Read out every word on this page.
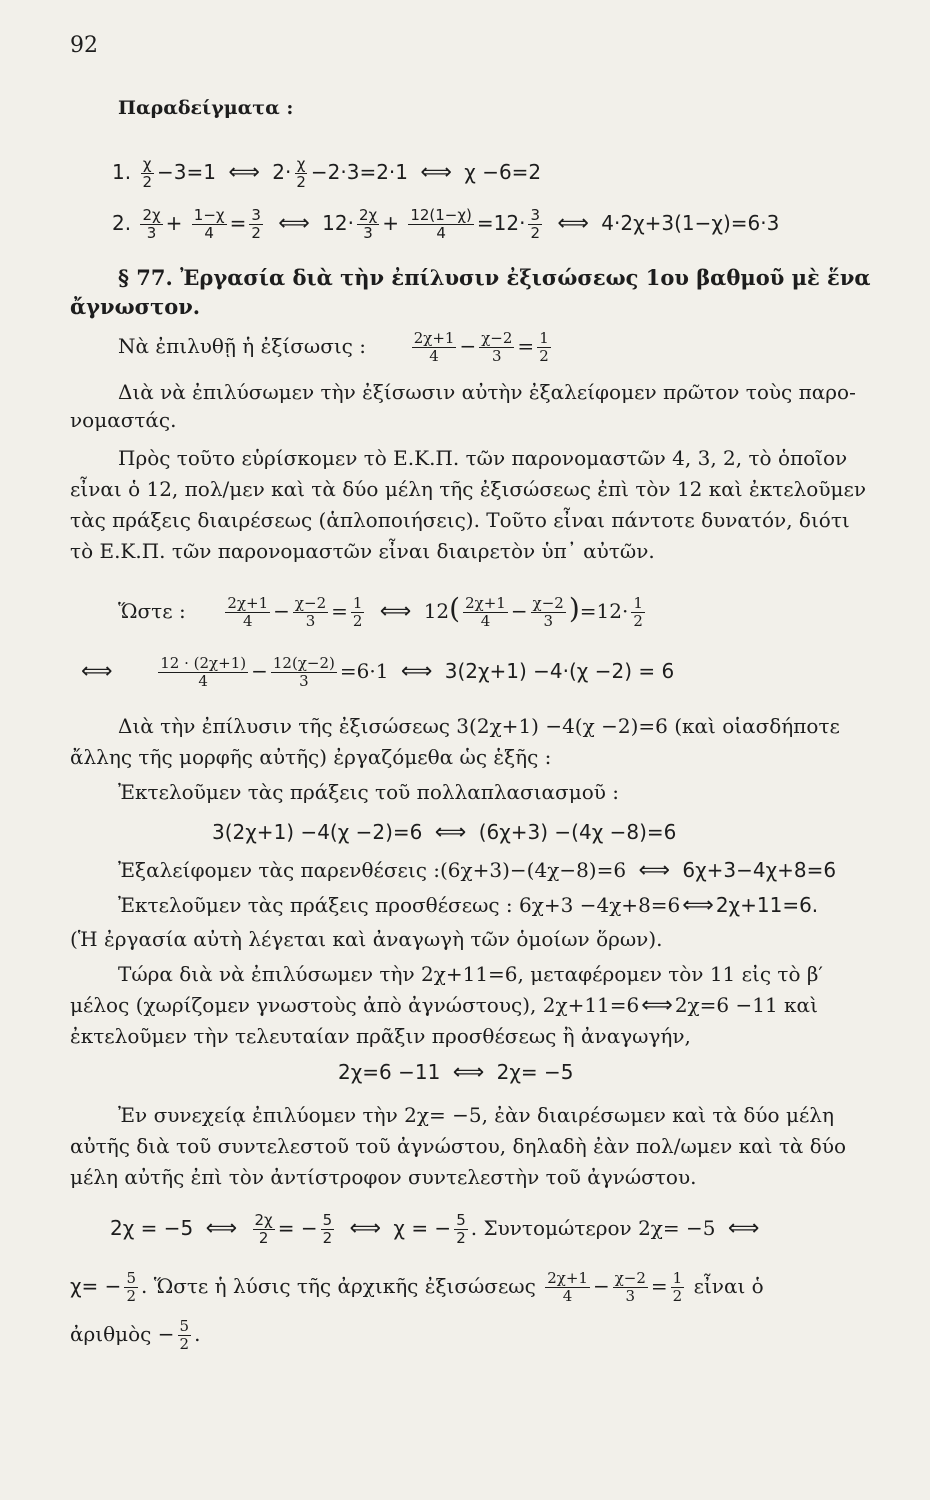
92
Παραδείγματα :
1. $\frac{\chi}{2} -3=1$ ⟺ $2\cdot \frac{\chi}{2} -2\cdot 3=2\cdot 1$ ⟺ χ −6=2
2. $\frac{2\chi}{3} + \frac{1-\chi}{4} = \frac{3}{2}$ ⟺ $12\cdot \frac{2\chi}{3} + \frac{12(1-\chi)}{4} =12\cdot \frac{3}{2}$ ⟺ 4·2χ+3(1−χ)=6·3
§ 77. Ἐργασία διὰ τὴν ἐπίλυσιν ἐξισώσεως 1ου βαθμοῦ μὲ ἕνα
ἄγνωστον.
Νὰ ἐπιλυθῇ ἡ ἐξίσωσις :	$\frac{2\chi+1}{4} - \frac{\chi-2}{3} = \frac{1}{2}$
Διὰ νὰ ἐπιλύσωμεν τὴν ἐξίσωσιν αὐτὴν ἐξαλείφομεν πρῶτον τοὺς παρο-
νομαστάς.
Πρὸς τοῦτο εὑρίσκομεν τὸ Ε.Κ.Π. τῶν παρονομαστῶν 4, 3, 2, τὸ ὁποῖον
εἶναι ὁ 12, πολ/μεν καὶ τὰ δύο μέλη τῆς ἐξισώσεως ἐπὶ τὸν 12 καὶ ἐκτελοῦμεν
τὰς πράξεις διαιρέσεως (ἁπλοποιήσεις). Τοῦτο εἶναι πάντοτε δυνατόν, διότι
τὸ Ε.Κ.Π. τῶν παρονομαστῶν εἶναι διαιρετὸν ὑπ᾿ αὐτῶν.
Ὥστε :	$\frac{2\chi+1}{4} - \frac{\chi-2}{3} = \frac{1}{2}$ ⟺ $12( \frac{2\chi+1}{4} - \frac{\chi-2}{3} )=12\cdot \frac{1}{2}$
⟺	$\frac{12 \cdot (2\chi+1)}{4} - \frac{12(\chi-2)}{3} =6\cdot 1$ ⟺ 3(2χ+1) −4·(χ −2) = 6
Διὰ τὴν ἐπίλυσιν τῆς ἐξισώσεως 3(2χ+1) −4(χ −2)=6 (καὶ οἱασδήποτε
ἄλλης τῆς μορφῆς αὐτῆς) ἐργαζόμεθα ὡς ἑξῆς :
Ἐκτελοῦμεν τὰς πράξεις τοῦ πολλαπλασιασμοῦ :
3(2χ+1) −4(χ −2)=6 ⟺ (6χ+3) −(4χ −8)=6
Ἐξαλείφομεν τὰς παρενθέσεις :(6χ+3)−(4χ−8)=6 ⟺ 6χ+3−4χ+8=6
Ἐκτελοῦμεν τὰς πράξεις προσθέσεως : 6χ+3 −4χ+8=6⟺ 2χ+11=6.
(Ἡ ἐργασία αὐτὴ λέγεται καὶ ἀναγωγὴ τῶν ὁμοίων ὅρων).
Τώρα διὰ νὰ ἐπιλύσωμεν τὴν 2χ+11=6, μεταφέρομεν τὸν 11 εἰς τὸ β′
μέλος (χωρίζομεν γνωστοὺς ἀπὸ ἀγνώστους), 2χ+11=6⟺ 2χ=6 −11 καὶ
ἐκτελοῦμεν τὴν τελευταίαν πρᾶξιν προσθέσεως ἢ ἀναγωγήν,
2χ=6 −11 ⟺ 2χ= −5
Ἐν συνεχείᾳ ἐπιλύομεν τὴν 2χ= −5, ἐὰν διαιρέσωμεν καὶ τὰ δύο μέλη
αὐτῆς διὰ τοῦ συντελεστοῦ τοῦ ἀγνώστου, δηλαδὴ ἐὰν πολ/ωμεν καὶ τὰ δύο
μέλη αὐτῆς ἐπὶ τὸν ἀντίστροφον συντελεστὴν τοῦ ἀγνώστου.
2χ = −5 ⟺ $\frac{2\chi}{2}$ = − $\frac{5}{2}$ ⟺ χ = − $\frac{5}{2}$ . Συντομώτερον 2χ= −5 ⟺
$\chi= - \frac{5}{2}$ . Ὥστε ἡ λύσις τῆς ἀρχικῆς ἐξισώσεως $\frac{2\chi+1}{4} - \frac{\chi-2}{3} = \frac{1}{2}$ εἶναι ὁ
ἀριθμὸς − $\frac{5}{2}$ .
